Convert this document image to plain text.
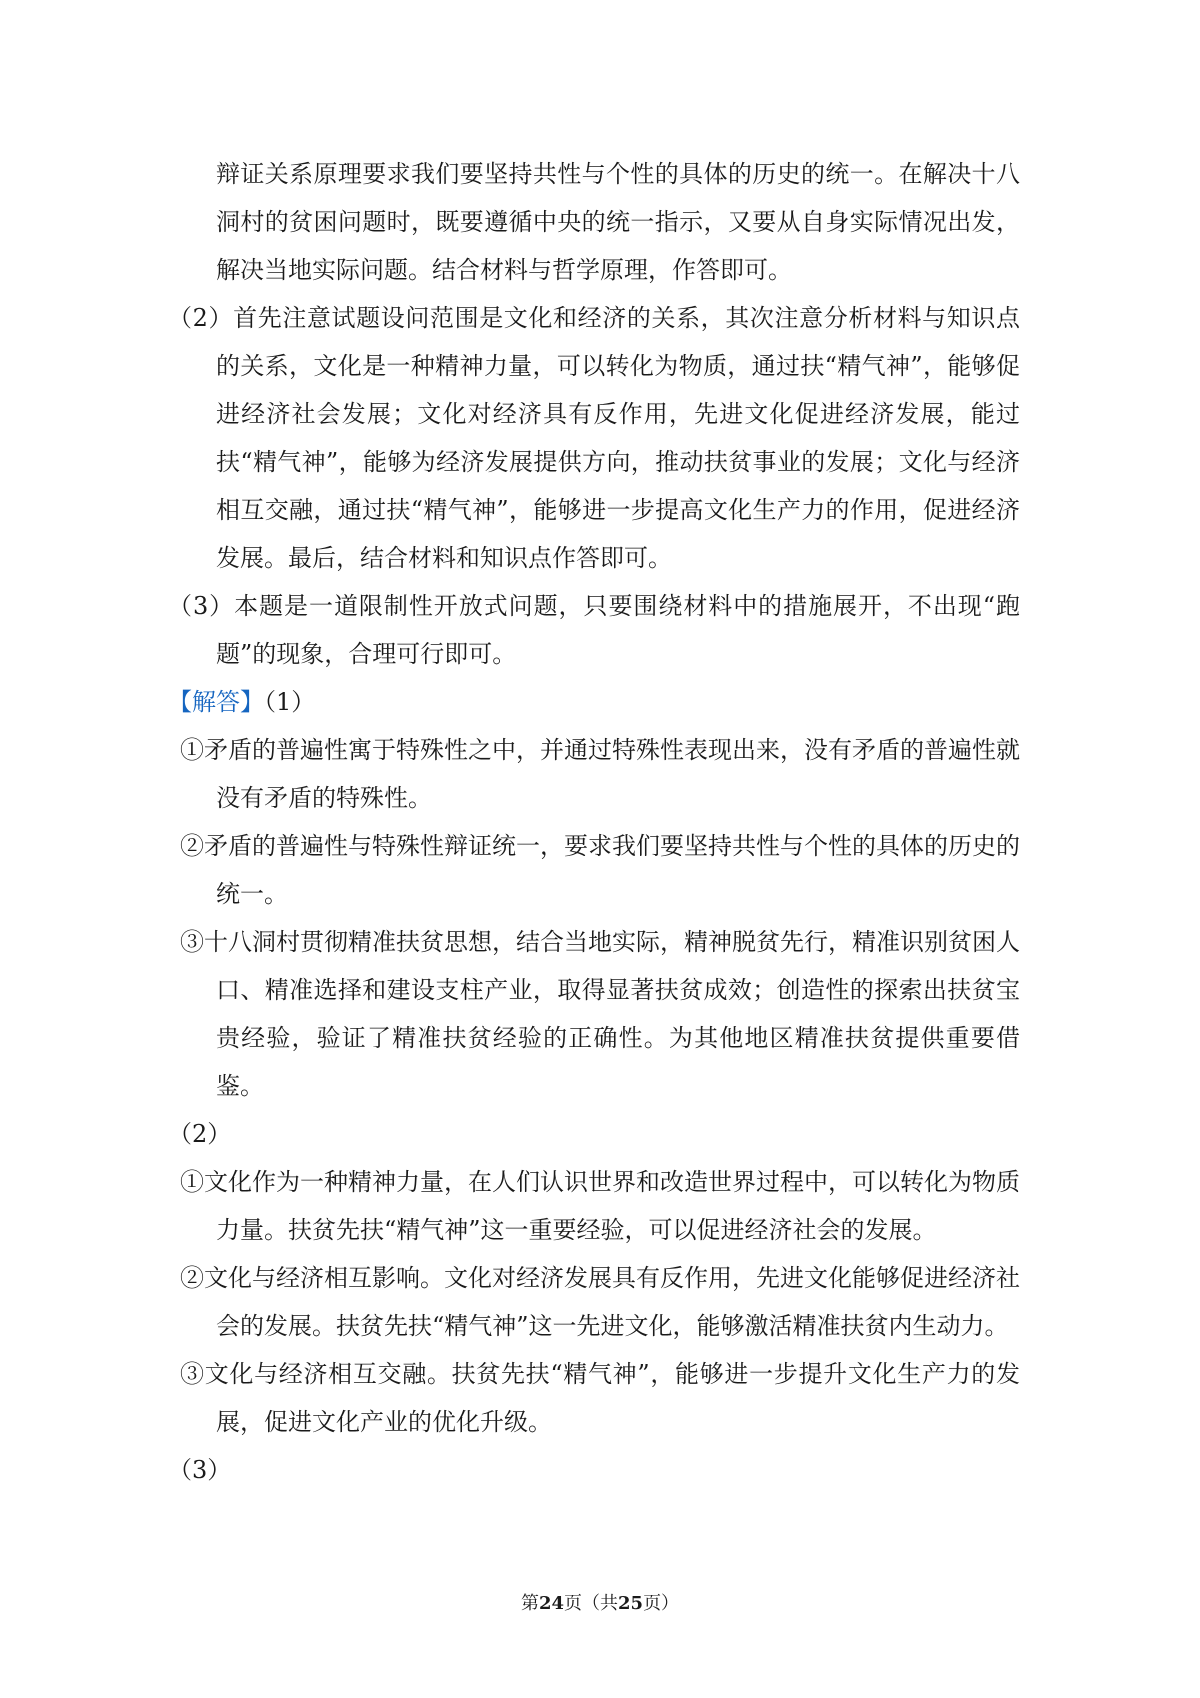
辩证关系原理要求我们要坚持共性与个性的具体的历史的统一。在解决十八洞村的贫困问题时，既要遵循中央的统一指示，又要从自身实际情况出发，解决当地实际问题。结合材料与哲学原理，作答即可。

（2）首先注意试题设问范围是文化和经济的关系，其次注意分析材料与知识点的关系，文化是一种精神力量，可以转化为物质，通过扶“精气神”，能够促进经济社会发展；文化对经济具有反作用，先进文化促进经济发展，能过扶“精气神”，能够为经济发展提供方向，推动扶贫事业的发展；文化与经济相互交融，通过扶“精气神”，能够进一步提高文化生产力的作用，促进经济发展。最后，结合材料和知识点作答即可。

（3）本题是一道限制性开放式问题，只要围绕材料中的措施展开，不出现“跑题”的现象，合理可行即可。

【解答】（1）

①矛盾的普遍性寓于特殊性之中，并通过特殊性表现出来，没有矛盾的普遍性就没有矛盾的特殊性。

②矛盾的普遍性与特殊性辩证统一，要求我们要坚持共性与个性的具体的历史的统一。

③十八洞村贯彻精准扶贫思想，结合当地实际，精神脱贫先行，精准识别贫困人口、精准选择和建设支柱产业，取得显著扶贫成效；创造性的探索出扶贫宝贵经验，验证了精准扶贫经验的正确性。为其他地区精准扶贫提供重要借鉴。

（2）

①文化作为一种精神力量，在人们认识世界和改造世界过程中，可以转化为物质力量。扶贫先扶“精气神”这一重要经验，可以促进经济社会的发展。

②文化与经济相互影响。文化对经济发展具有反作用，先进文化能够促进经济社会的发展。扶贫先扶“精气神”这一先进文化，能够激活精准扶贫内生动力。

③文化与经济相互交融。扶贫先扶“精气神”，能够进一步提升文化生产力的发展，促进文化产业的优化升级。

（3）

第24页（共25页）
